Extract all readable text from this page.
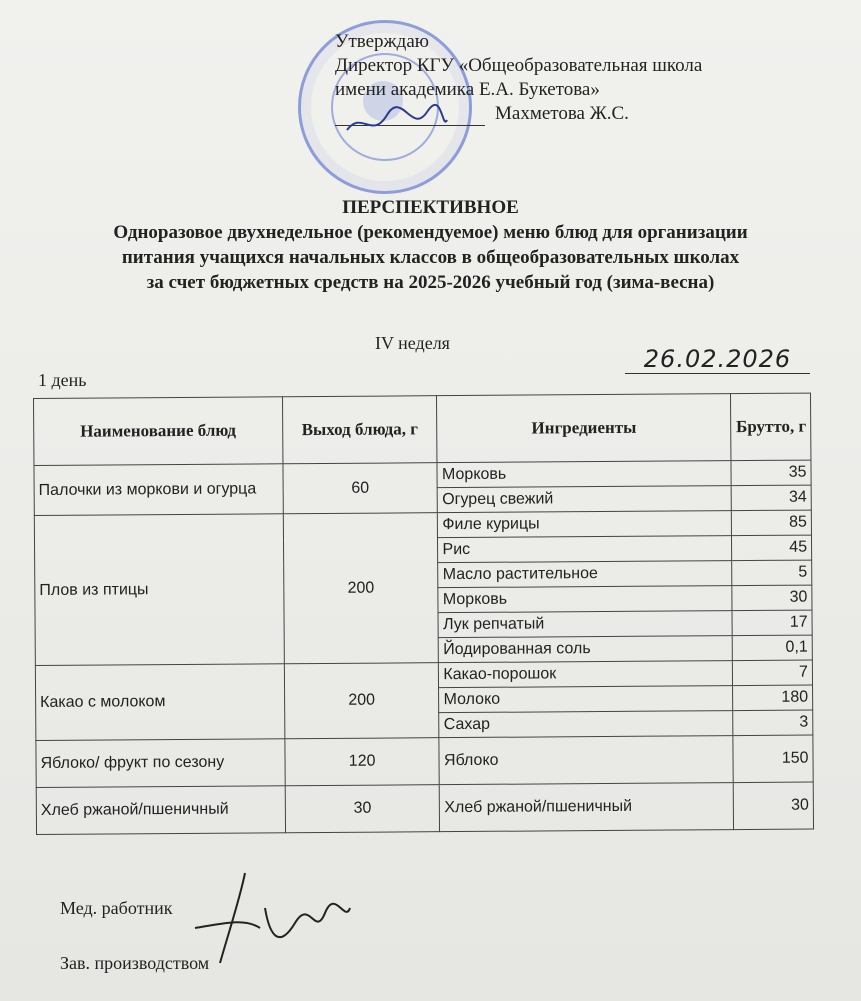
Утверждаю
Директор КГУ «Общеобразовательная школа
имени академика Е.А. Букетова»
Махметова Ж.С.
ПЕРСПЕКТИВНОЕ
Одноразовое двухнедельное (рекомендуемое) меню блюд для организации
питания учащихся начальных классов в общеобразовательных школах
за счет бюджетных средств на 2025-2026 учебный год (зима-весна)
IV неделя
26.02.2026
1 день
Наименование блюд	Выход блюда, г	Ингредиенты	Брутто, г
Палочки из моркови и огурца	60	Морковь	35
		Огурец свежий	34
Плов из птицы	200	Филе курицы	85
		Рис	45
		Масло растительное	5
		Морковь	30
		Лук репчатый	17
		Йодированная соль	0,1
Какао с молоком	200	Какао-порошок	7
		Молоко	180
		Сахар	3
Яблоко/ фрукт по сезону	120	Яблоко	150
Хлеб ржаной/пшеничный	30	Хлеб ржаной/пшеничный	30
Мед. работник
Зав. производством
